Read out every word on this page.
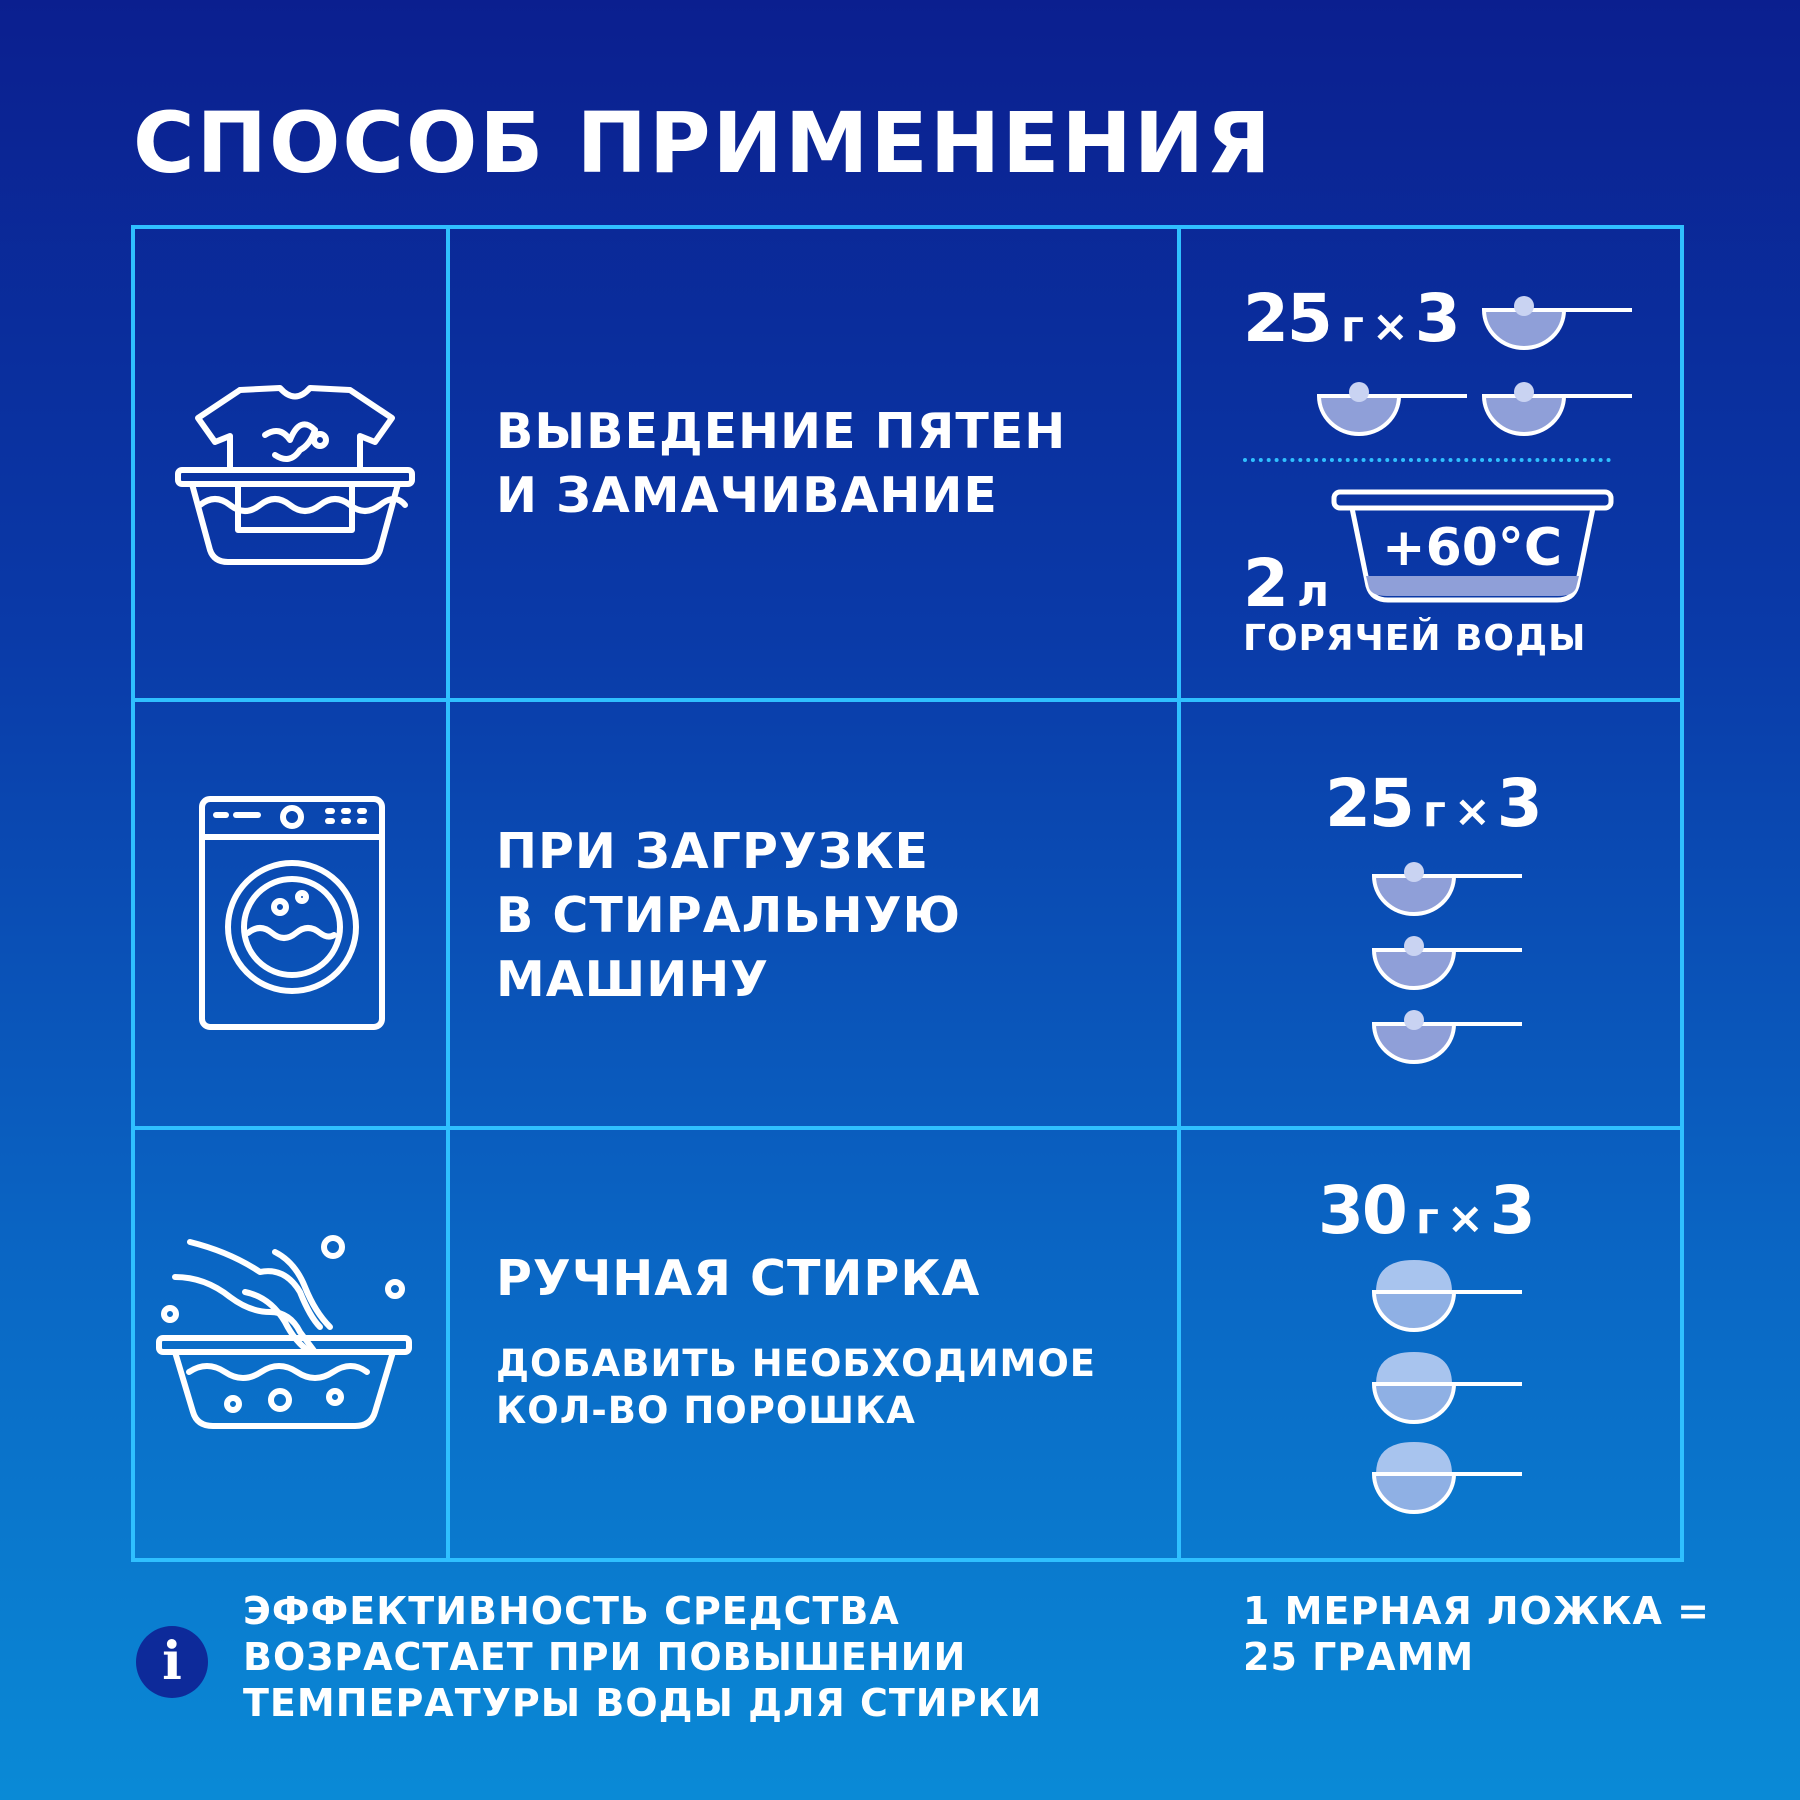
СПОСОБ ПРИМЕНЕНИЯ
ВЫВЕДЕНИЕ ПЯТЕН
И ЗАМАЧИВАНИЕ
25 г ×3
+60°C
2 л
ГОРЯЧЕЙ ВОДЫ
ПРИ ЗАГРУЗКЕ
В СТИРАЛЬНУЮ
МАШИНУ
25 г ×3
РУЧНАЯ СТИРКА
ДОБАВИТЬ НЕОБХОДИМОЕ
КОЛ-ВО ПОРОШКА
30 г ×3
i
ЭФФЕКТИВНОСТЬ СРЕДСТВА
ВОЗРАСТАЕТ ПРИ ПОВЫШЕНИИ
ТЕМПЕРАТУРЫ ВОДЫ ДЛЯ СТИРКИ
1 МЕРНАЯ ЛОЖКА =
25 ГРАММ
